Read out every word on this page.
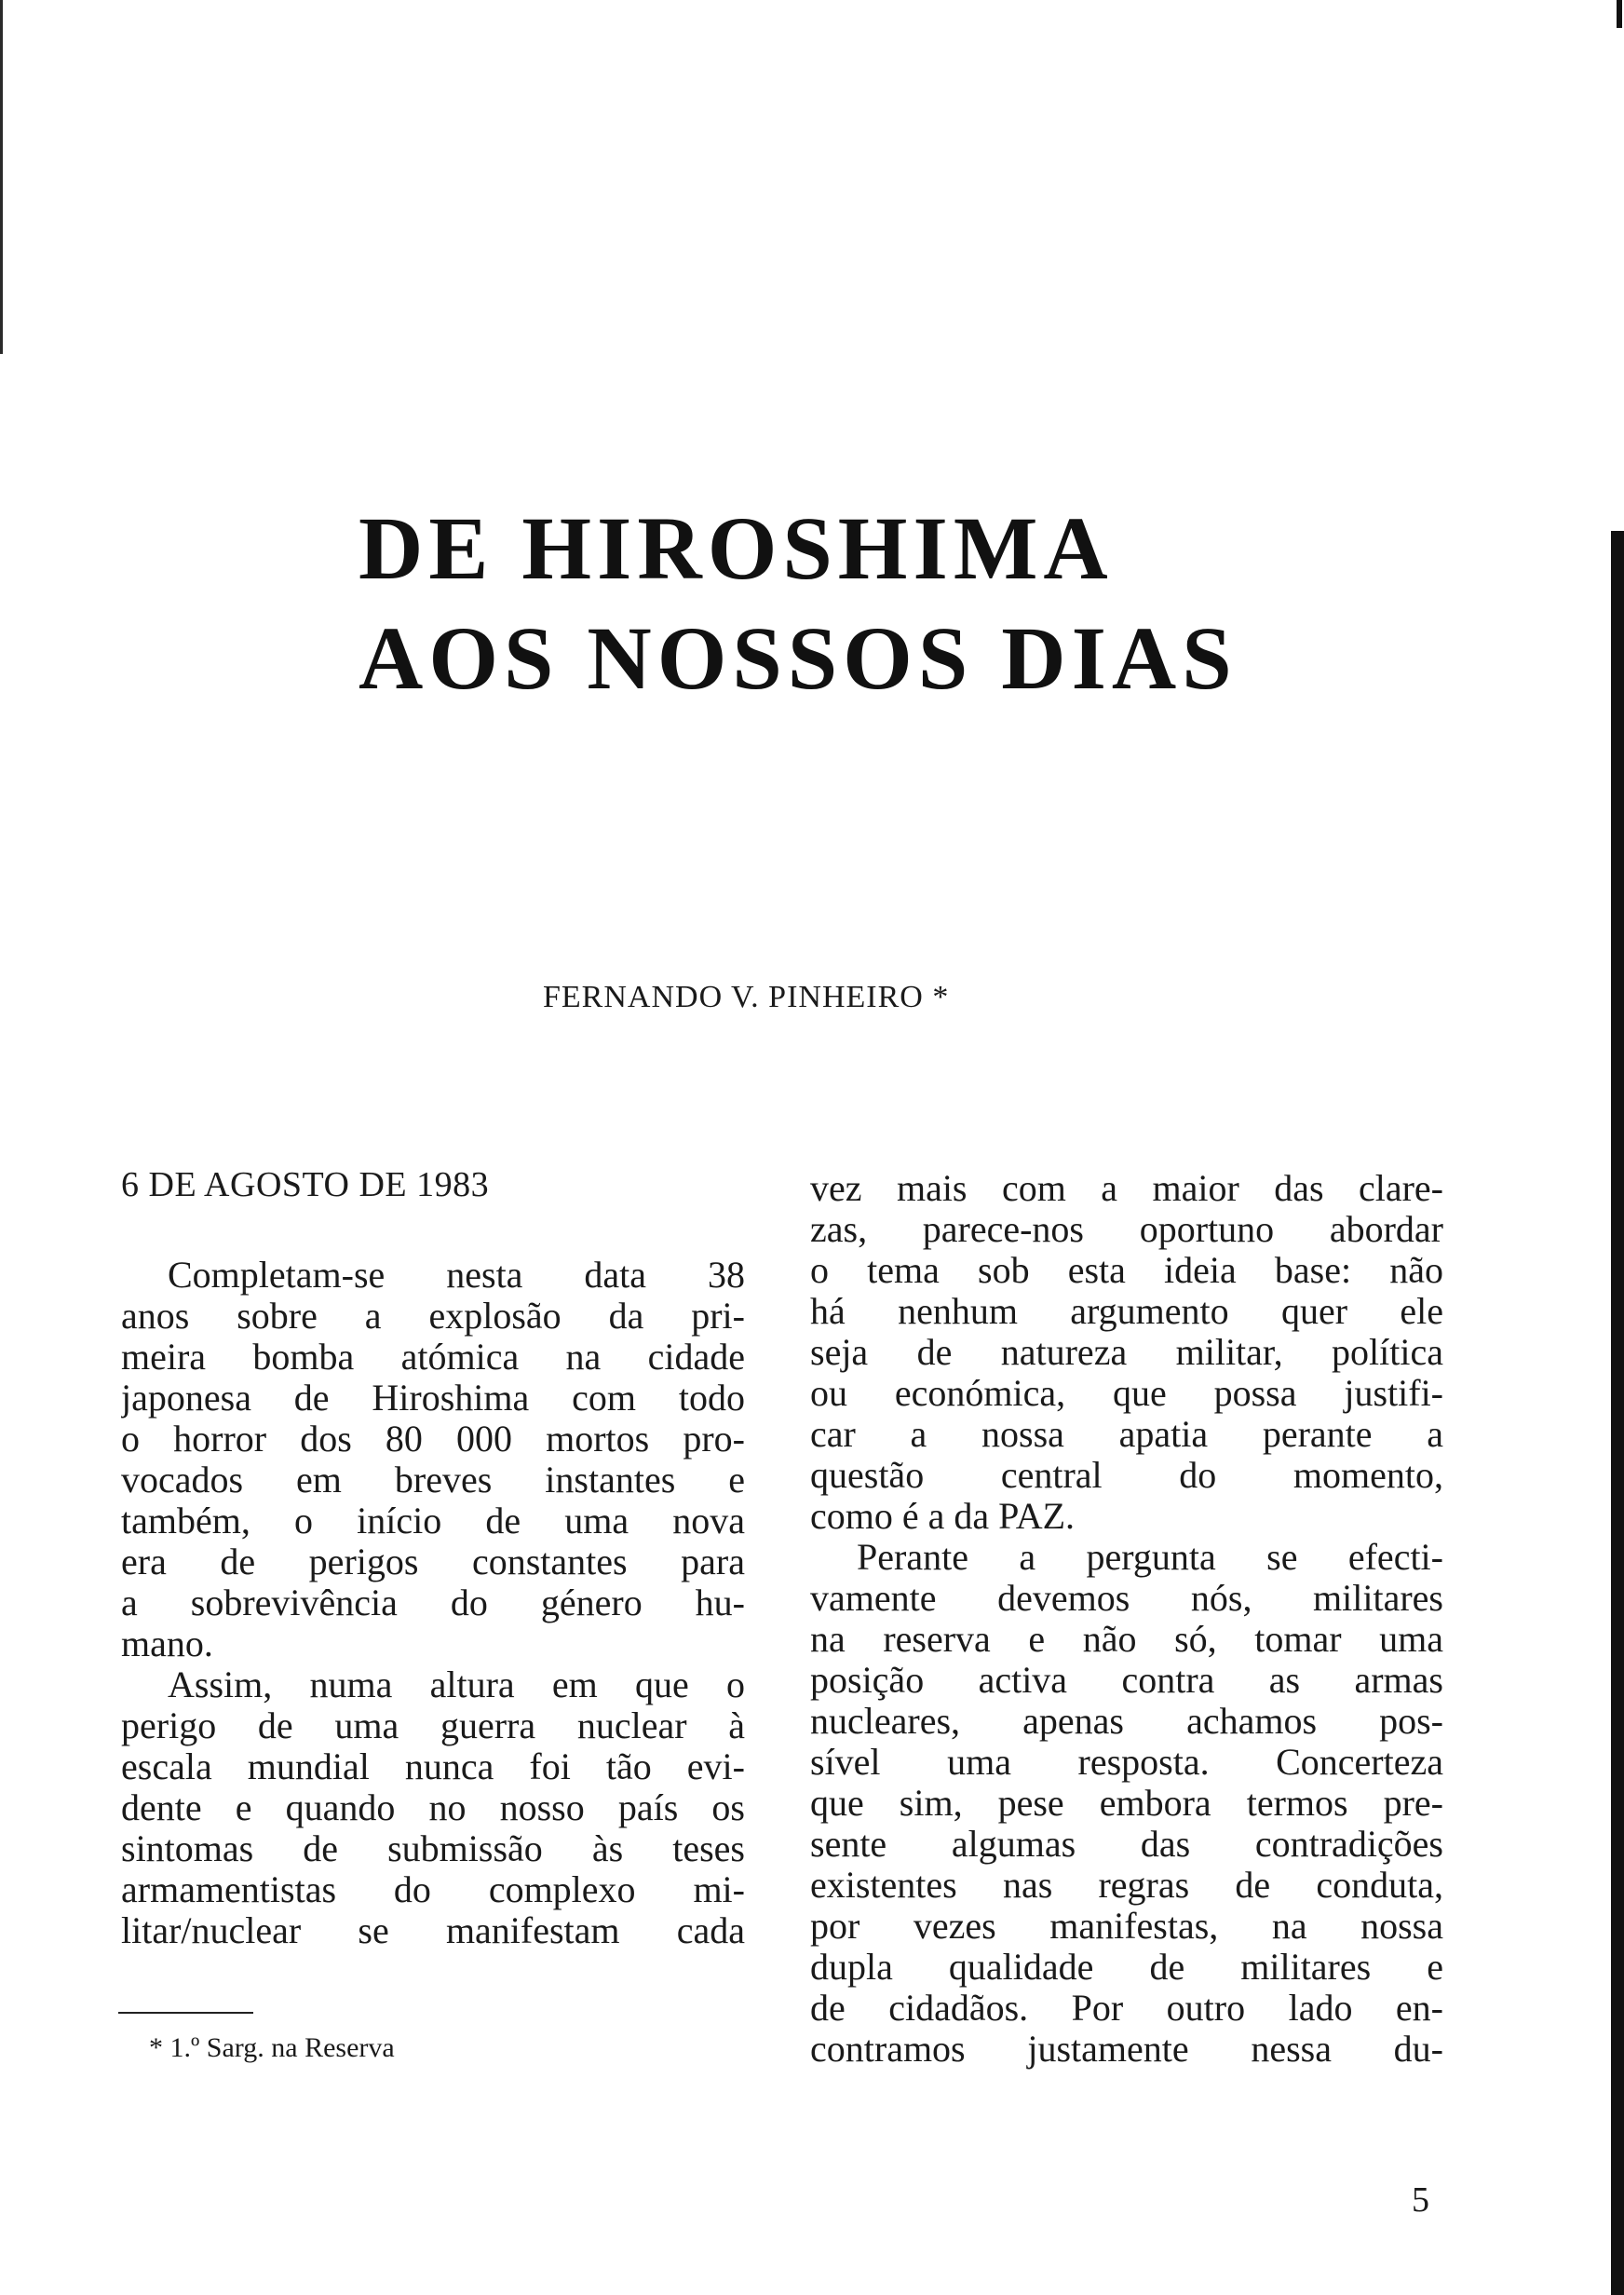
DE HIROSHIMA
AOS NOSSOS DIAS
FERNANDO V. PINHEIRO *
6 DE AGOSTO DE 1983
Completam-se nesta data 38
anos sobre a explosão da pri-
meira bomba atómica na cidade
japonesa de Hiroshima com todo
o horror dos 80 000 mortos pro-
vocados em breves instantes e
também, o início de uma nova
era de perigos constantes para
a sobrevivência do género hu-
mano.
Assim, numa altura em que o
perigo de uma guerra nuclear à
escala mundial nunca foi tão evi-
dente e quando no nosso país os
sintomas de submissão às teses
armamentistas do complexo mi-
litar/nuclear se manifestam cada
vez mais com a maior das clare-
zas, parece-nos oportuno abordar
o tema sob esta ideia base: não
há nenhum argumento quer ele
seja de natureza militar, política
ou económica, que possa justifi-
car a nossa apatia perante a
questão central do momento,
como é a da PAZ.
Perante a pergunta se efecti-
vamente devemos nós, militares
na reserva e não só, tomar uma
posição activa contra as armas
nucleares, apenas achamos pos-
sível uma resposta. Concerteza
que sim, pese embora termos pre-
sente algumas das contradições
existentes nas regras de conduta,
por vezes manifestas, na nossa
dupla qualidade de militares e
de cidadãos. Por outro lado en-
contramos justamente nessa du-
* 1.º Sarg. na Reserva
5
